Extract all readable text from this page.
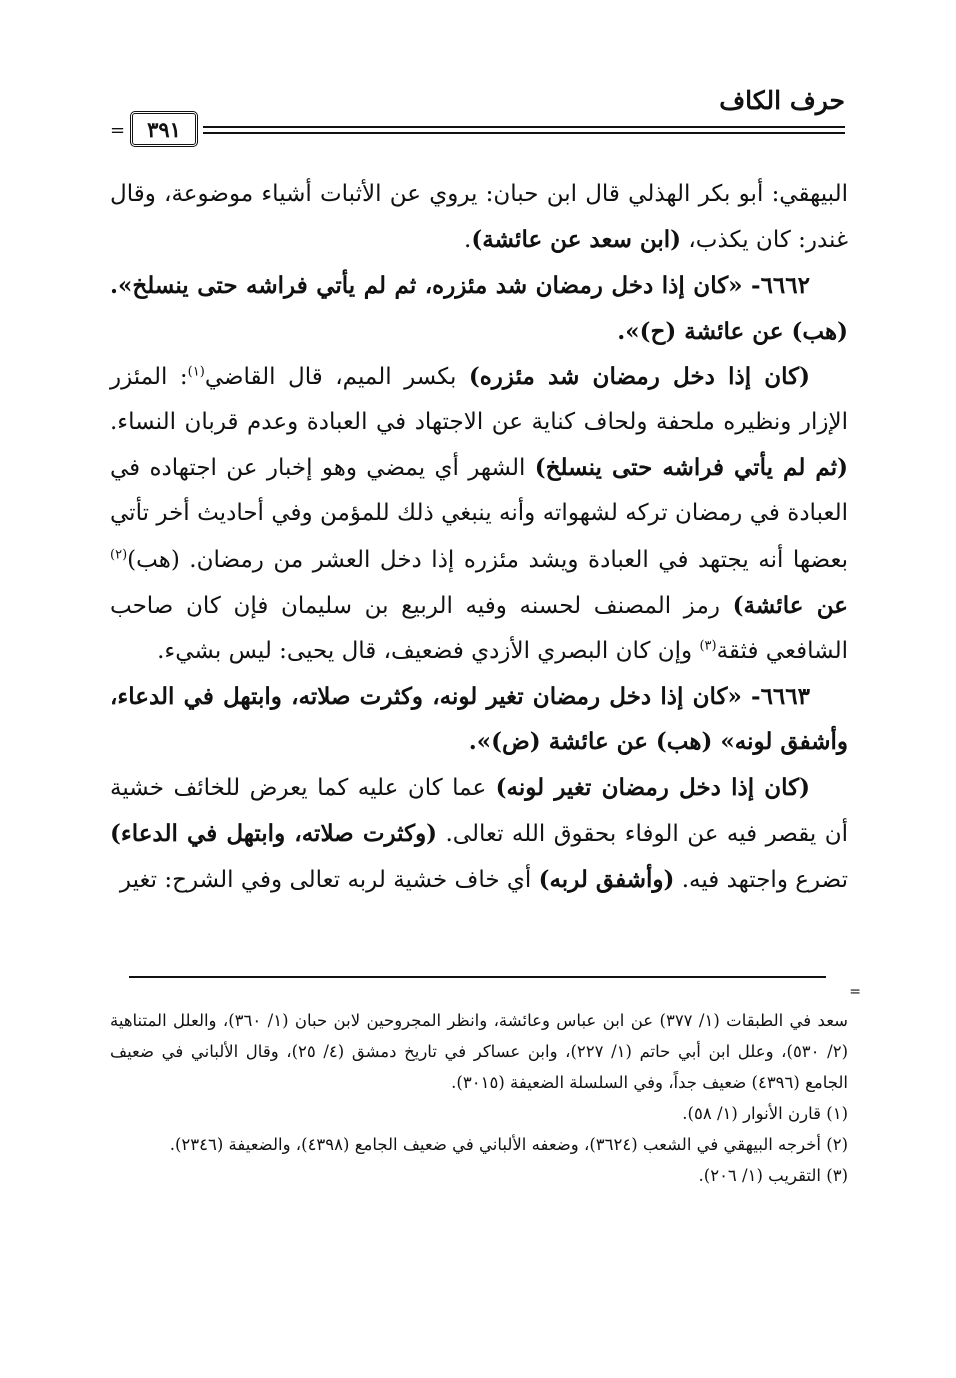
حرف الكاف
٣٩١
=

البيهقي: أبو بكر الهذلي قال ابن حبان: يروي عن الأثبات أشياء موضوعة، وقال غندر: كان يكذب، (ابن سعد عن عائشة).

٦٦٦٢- «كان إذا دخل رمضان شد مئزره، ثم لم يأتي فراشه حتى ينسلخ». (هب) عن عائشة (ح)».

(كان إذا دخل رمضان شد مئزره) بكسر الميم، قال القاضي$^{(١)}$: المئزر الإزار ونظيره ملحفة ولحاف كناية عن الاجتهاد في العبادة وعدم قربان النساء. (ثم لم يأتي فراشه حتى ينسلخ) الشهر أي يمضي وهو إخبار عن اجتهاده في العبادة في رمضان تركه لشهواته وأنه ينبغي ذلك للمؤمن وفي أحاديث أخر تأتي بعضها أنه يجتهد في العبادة ويشد مئزره إذا دخل العشر من رمضان. (هب)$^{(٢)}$ عن عائشة) رمز المصنف لحسنه وفيه الربيع بن سليمان فإن كان صاحب الشافعي فثقة$^{(٣)}$ وإن كان البصري الأزدي فضعيف، قال يحيى: ليس بشيء.

٦٦٦٣- «كان إذا دخل رمضان تغير لونه، وكثرت صلاته، وابتهل في الدعاء، وأشفق لونه» (هب) عن عائشة (ض)».

(كان إذا دخل رمضان تغير لونه) عما كان عليه كما يعرض للخائف خشية أن يقصر فيه عن الوفاء بحقوق الله تعالى. (وكثرت صلاته، وابتهل في الدعاء) تضرع واجتهد فيه. (وأشفق لربه) أي خاف خشية لربه تعالى وفي الشرح: تغير

=

سعد في الطبقات (١/ ٣٧٧) عن ابن عباس وعائشة، وانظر المجروحين لابن حبان (١/ ٣٦٠)، والعلل المتناهية (٢/ ٥٣٠)، وعلل ابن أبي حاتم (١/ ٢٢٧)، وابن عساكر في تاريخ دمشق (٤/ ٢٥)، وقال الألباني في ضعيف الجامع (٤٣٩٦) ضعيف جداً، وفي السلسلة الضعيفة (٣٠١٥).

(١) قارن الأنوار (١/ ٥٨).

(٢) أخرجه البيهقي في الشعب (٣٦٢٤)، وضعفه الألباني في ضعيف الجامع (٤٣٩٨)، والضعيفة (٢٣٤٦).

(٣) التقريب (١/ ٢٠٦).
